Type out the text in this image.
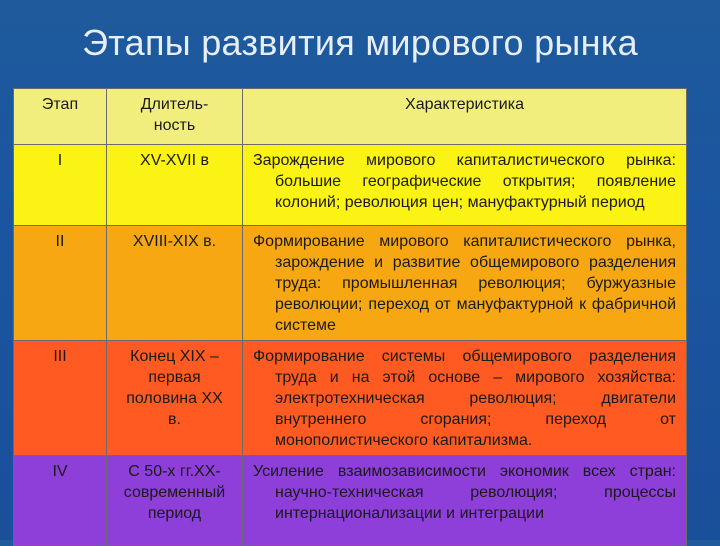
Этапы развития мирового рынка
Этап	Длитель-ность	Характеристика
I	XV-XVII в	Зарождение мирового капиталистического рынка: большие географические открытия; появление колоний; революция цен; мануфактурный период

II	XVIII-XIX в.	Формирование мирового капиталистического рынка, зарождение и развитие общемирового разделения труда: промышленная революция; буржуазные революции; переход от мануфактурной к фабричной системе

III	Конец XIX – первая половина XX в.	Формирование системы общемирового разделения труда и на этой основе – мирового хозяйства: электротехническая революция; двигатели внутреннего сгорания; переход от монополистического капитализма.

IV	С 50-х гг.XX-современный период	Усиление взаимозависимости экономик всех стран: научно-техническая революция; процессы интернационализации и интеграции
